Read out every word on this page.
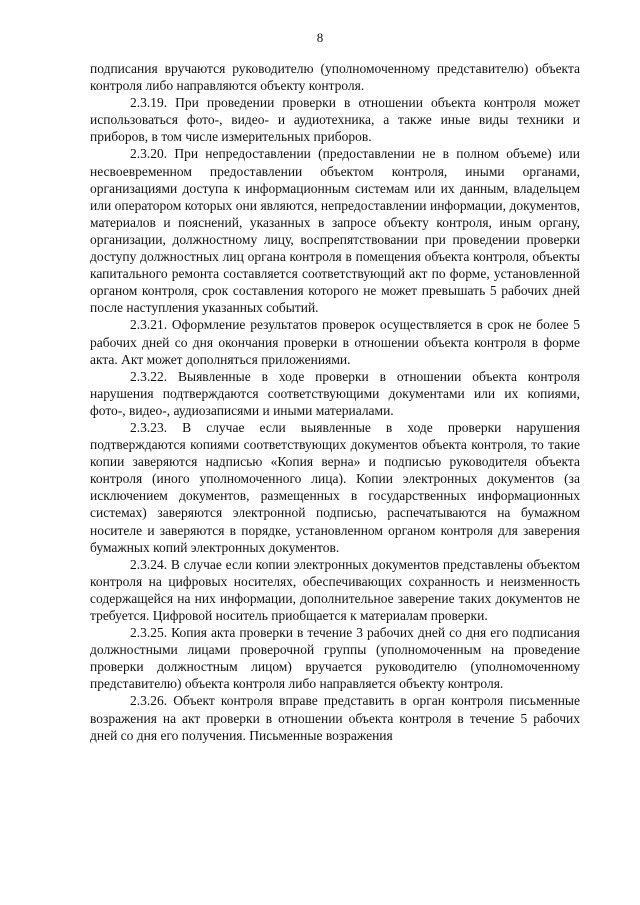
8

подписания вручаются руководителю (уполномоченному представителю) объекта контроля либо направляются объекту контроля.

2.3.19. При проведении проверки в отношении объекта контроля может использоваться фото-, видео- и аудиотехника, а также иные виды техники и приборов, в том числе измерительных приборов.

2.3.20. При непредоставлении (предоставлении не в полном объеме) или несвоевременном предоставлении объектом контроля, иными органами, организациями доступа к информационным системам или их данным, владельцем или оператором которых они являются, непредоставлении информации, документов, материалов и пояснений, указанных в запросе объекту контроля, иным органу, организации, должностному лицу, воспрепятствовании при проведении проверки доступу должностных лиц органа контроля в помещения объекта контроля, объекты капитального ремонта составляется соответствующий акт по форме, установленной органом контроля, срок составления которого не может превышать 5 рабочих дней после наступления указанных событий.

2.3.21. Оформление результатов проверок осуществляется в срок не более 5 рабочих дней со дня окончания проверки в отношении объекта контроля в форме акта. Акт может дополняться приложениями.

2.3.22. Выявленные в ходе проверки в отношении объекта контроля нарушения подтверждаются соответствующими документами или их копиями, фото-, видео-, аудиозаписями и иными материалами.

2.3.23. В случае если выявленные в ходе проверки нарушения подтверждаются копиями соответствующих документов объекта контроля, то такие копии заверяются надписью «Копия верна» и подписью руководителя объекта контроля (иного уполномоченного лица). Копии электронных документов (за исключением документов, размещенных в государственных информационных системах) заверяются электронной подписью, распечатываются на бумажном носителе и заверяются в порядке, установленном органом контроля для заверения бумажных копий электронных документов.

2.3.24. В случае если копии электронных документов представлены объектом контроля на цифровых носителях, обеспечивающих сохранность и неизменность содержащейся на них информации, дополнительное заверение таких документов не требуется. Цифровой носитель приобщается к материалам проверки.

2.3.25. Копия акта проверки в течение 3 рабочих дней со дня его подписания должностными лицами проверочной группы (уполномоченным на проведение проверки должностным лицом) вручается руководителю (уполномоченному представителю) объекта контроля либо направляется объекту контроля.

2.3.26. Объект контроля вправе представить в орган контроля письменные возражения на акт проверки в отношении объекта контроля в течение 5 рабочих дней со дня его получения. Письменные возражения
